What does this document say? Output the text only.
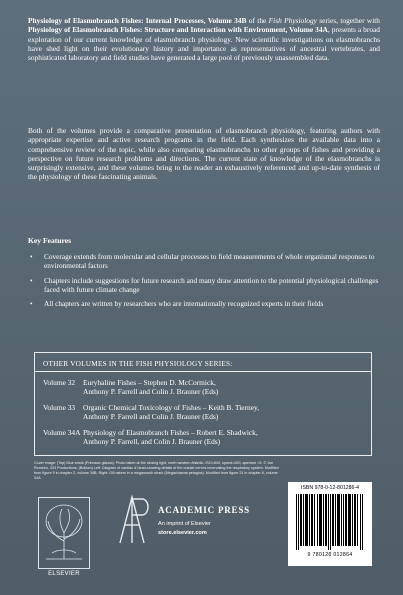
Physiology of Elasmobranch Fishes: Internal Processes, Volume 34B of the Fish Physiology series, together with Physiology of Elasmobranch Fishes: Structure and Interaction with Environment, Volume 34A, presents a broad exploration of our current knowledge of elasmobranch physiology. New scientific investigations on elasmobranchs have shed light on their evolutionary history and importance as representatives of ancestral vertebrates, and sophisticated laboratory and field studies have generated a large pool of previously unassembled data.

Both of the volumes provide a comparative presentation of elasmobranch physiology, featuring authors with appropriate expertise and active research programs in the field. Each synthesizes the available data into a comprehensive review of the topic, while also comparing elasmobranchs to other groups of fishes and providing a perspective on future research problems and directions. The current state of knowledge of the elasmobranchs is surprisingly extensive, and these volumes bring to the reader an exhaustively referenced and up-to-date synthesis of the physiology of these fascinating animals.

Key Features

• Coverage extends from molecular and cellular processes to field measurements of whole organismal responses to environmental factors
• Chapters include suggestions for future research and many draw attention to the potential physiological challenges faced with future climate change
• All chapters are written by researchers who are internationally recognized experts in their fields

OTHER VOLUMES IN THE FISH PHYSIOLOGY SERIES:

Volume 32	Euryhaline Fishes – Stephen D. McCormick,
Anthony P. Farrell and Colin J. Brauner (Eds)
Volume 33	Organic Chemical Toxicology of Fishes – Keith B. Tierney,
Anthony P. Farrell and Colin J. Brauner (Eds)
Volume 34A Physiology of Elasmobranch Fishes – Robert E. Shadwick,
Anthony P. Farrell, and Colin J. Brauner (Eds)

Cover image: (Top) Blue shark (Prionace glauca). Photo taken at the closing light, north western Atlantic. ISO=640, speed=200, aperture =9. © Joe Romeiro, 333 Productions. (Bottom) Left: Diagram of cardiac & head-showing details of the cranial nerves innervating the respiratory system. Modified from figure 9 in chapter 2, volume 34B. Right: Gill rakers in a megamouth shark (Megachasma pelagios). Modified from figure 21 in chapter 8, volume 34A.

ISBN 978-0-12-801286-4
9 780128 012864
ELSEVIER
ACADEMIC PRESS
An imprint of Elsevier
store.elsevier.com
